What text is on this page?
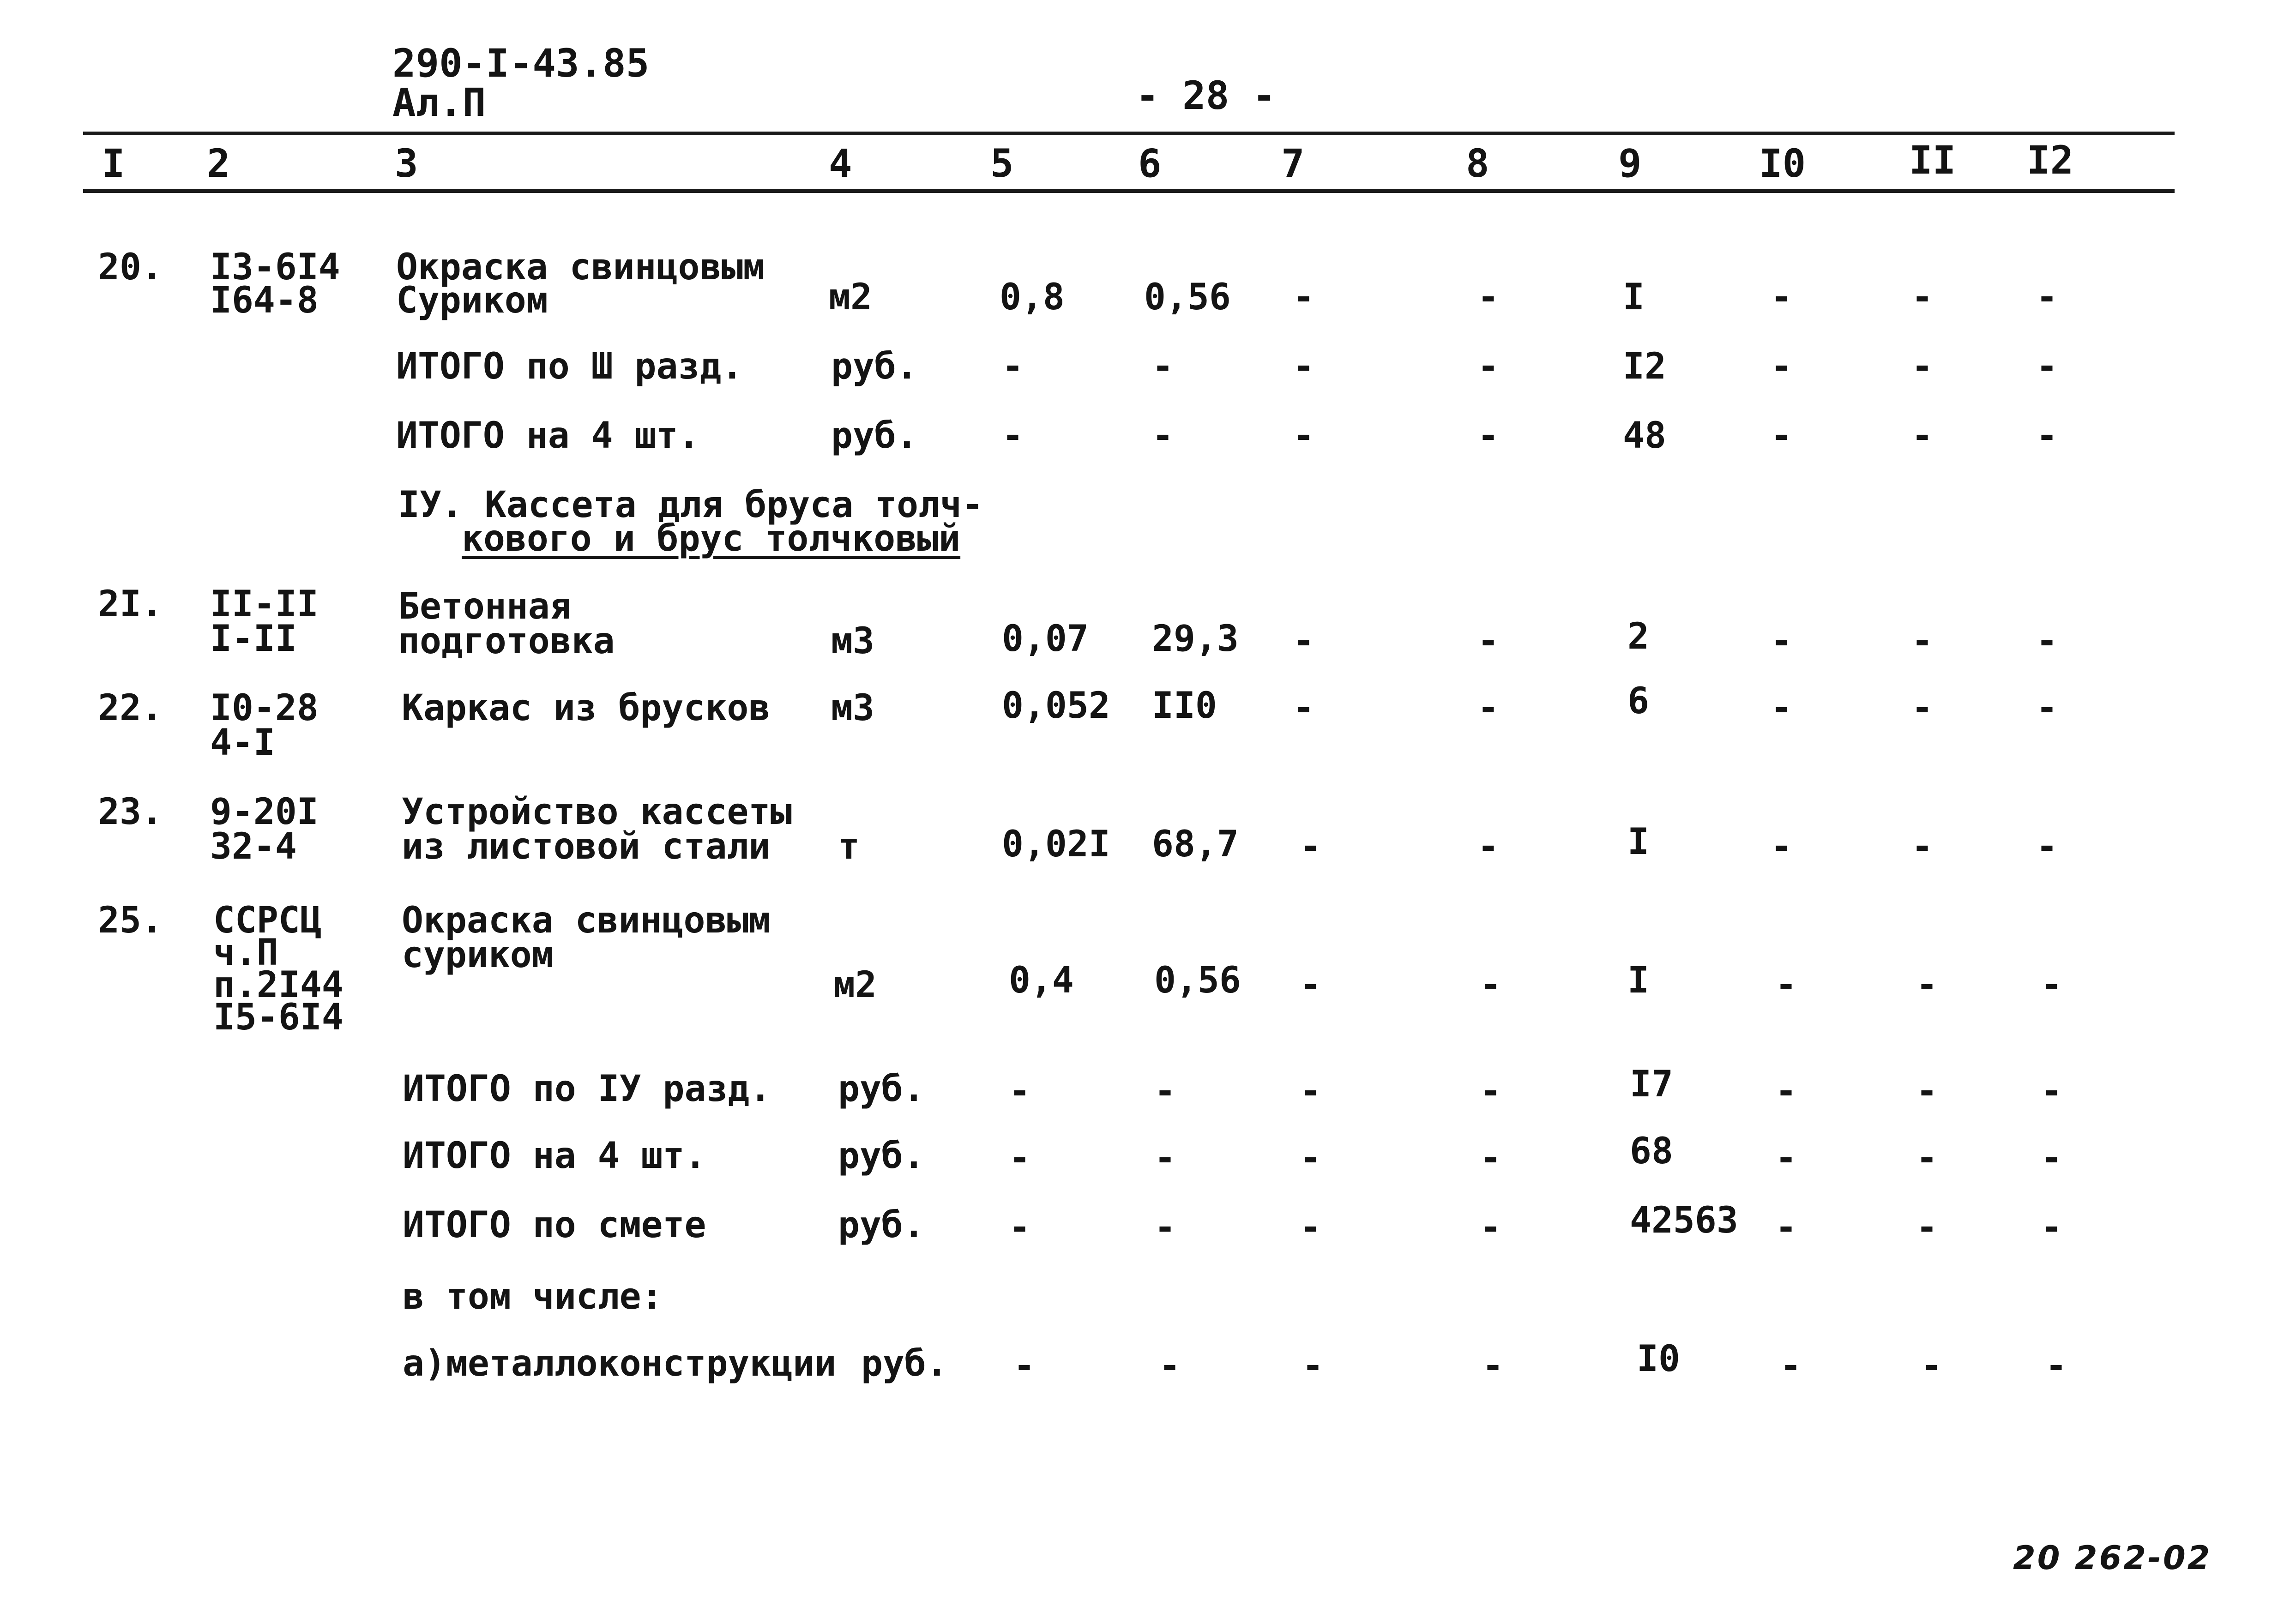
290-I-43.85
Ал.П	- 28 -
I 2	3	4	5	6	7	8	9	I0	II I2
20. I3-6I4
I64-8
Окраска свинцовым
Суриком	м2	0,8 0,56 -	-	I	-	-	-
ИТОГО по Ш разд. руб. -	-	-	-	I2	-	-	-
ИТОГО на 4 шт.	руб. -	-	-	-	48	-	-	-
IУ. Кассета для бруса толч-
кового и брус толчковый
2I. II-II
I-II
Бетонная
подготовка	м3	0,07 29,3 -	-	2	-	-	-
22. I0-28
4-I
Каркас из брусков м3	0,052 II0 -	-	6	-	-	-
23. 9-20I
32-4
Устройство кассеты
из листовой стали т	0,02I 68,7 -	-	I	-	-	-
25. ССРСЦ
ч.П
п.2I44
I5-6I4
Окраска свинцовым
суриком
м2	0,4 0,56 -	-	I	-	-	-
ИТОГО по IУ разд. руб. -	-	-	-	I7	-	-	-
ИТОГО на 4 шт.	руб. -	-	-	-	68	-	-	-
ИТОГО по смете	руб. -	-	-	-	42563 -	-	-
в том числе:
а)металлоконструкции руб. -	-	-	-	I0	-	-	-
20 262-02
